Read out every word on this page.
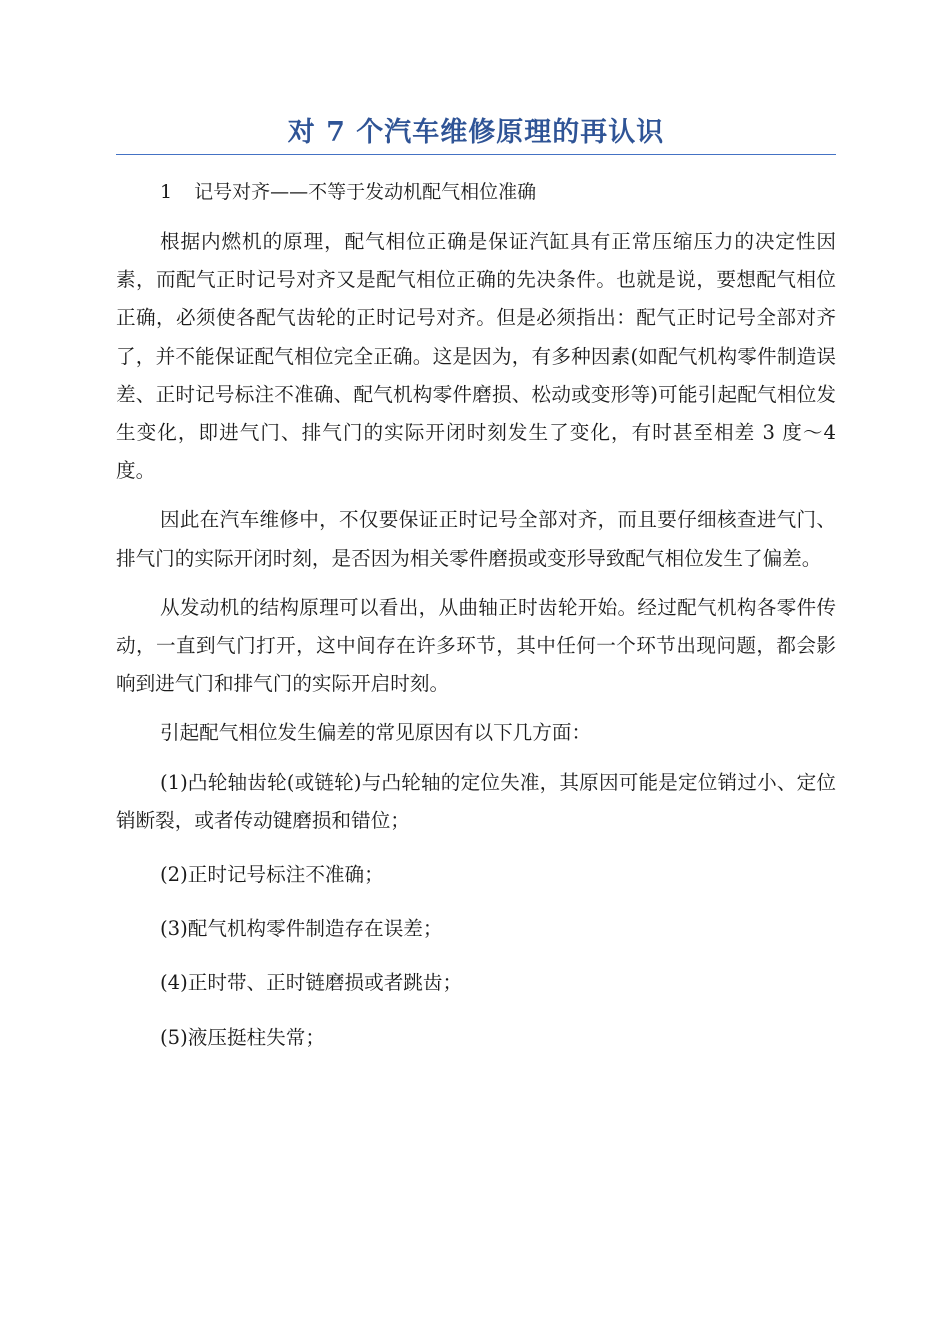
对 7 个汽车维修原理的再认识
1 记号对齐——不等于发动机配气相位准确

根据内燃机的原理，配气相位正确是保证汽缸具有正常压缩压力的决定性因素，而配气正时记号对齐又是配气相位正确的先决条件。也就是说，要想配气相位正确，必须使各配气齿轮的正时记号对齐。但是必须指出：配气正时记号全部对齐了，并不能保证配气相位完全正确。这是因为，有多种因素(如配气机构零件制造误差、正时记号标注不准确、配气机构零件磨损、松动或变形等)可能引起配气相位发生变化，即进气门、排气门的实际开闭时刻发生了变化，有时甚至相差 3 度～4 度。

因此在汽车维修中，不仅要保证正时记号全部对齐，而且要仔细核查进气门、排气门的实际开闭时刻，是否因为相关零件磨损或变形导致配气相位发生了偏差。

从发动机的结构原理可以看出，从曲轴正时齿轮开始。经过配气机构各零件传动，一直到气门打开，这中间存在许多环节，其中任何一个环节出现问题，都会影响到进气门和排气门的实际开启时刻。

引起配气相位发生偏差的常见原因有以下几方面：

(1)凸轮轴齿轮(或链轮)与凸轮轴的定位失准，其原因可能是定位销过小、定位销断裂，或者传动键磨损和错位；

(2)正时记号标注不准确；

(3)配气机构零件制造存在误差；

(4)正时带、正时链磨损或者跳齿；

(5)液压挺柱失常；
